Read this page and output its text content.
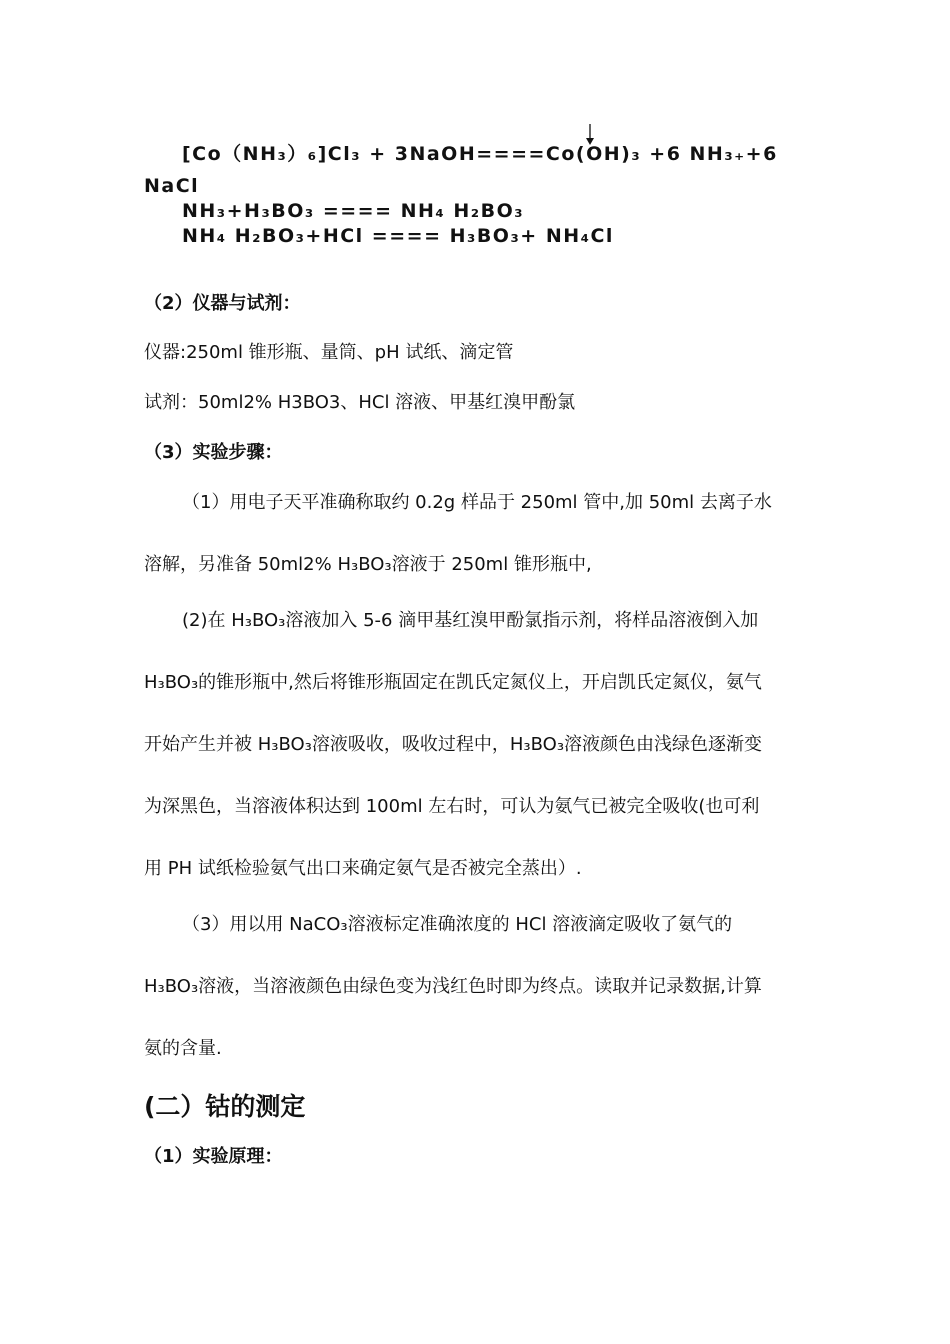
[Co（NH₃）₆]Cl₃ + 3NaOH====Co(OH)₃ +6 NH₃₊+6
NaCl
NH₃+H₃BO₃ ==== NH₄ H₂BO₃
NH₄ H₂BO₃+HCl ==== H₃BO₃+ NH₄Cl
（2）仪器与试剂：
仪器:250ml 锥形瓶、量筒、pH 试纸、滴定管
试剂：50ml2% H3BO3、HCl 溶液、甲基红溴甲酚氯
（3）实验步骤：
（1）用电子天平准确称取约 0.2g 样品于 250ml 管中,加 50ml 去离子水
溶解，另准备 50ml2% H₃BO₃溶液于 250ml 锥形瓶中,
(2)在 H₃BO₃溶液加入 5-6 滴甲基红溴甲酚氯指示剂，将样品溶液倒入加
H₃BO₃的锥形瓶中,然后将锥形瓶固定在凯氏定氮仪上，开启凯氏定氮仪，氨气
开始产生并被 H₃BO₃溶液吸收，吸收过程中，H₃BO₃溶液颜色由浅绿色逐渐变
为深黑色，当溶液体积达到 100ml 左右时，可认为氨气已被完全吸收(也可利
用 PH 试纸检验氨气出口来确定氨气是否被完全蒸出）.
（3）用以用 NaCO₃溶液标定准确浓度的 HCl 溶液滴定吸收了氨气的
H₃BO₃溶液，当溶液颜色由绿色变为浅红色时即为终点。读取并记录数据,计算
氨的含量.
(二）钴的测定
（1）实验原理：
